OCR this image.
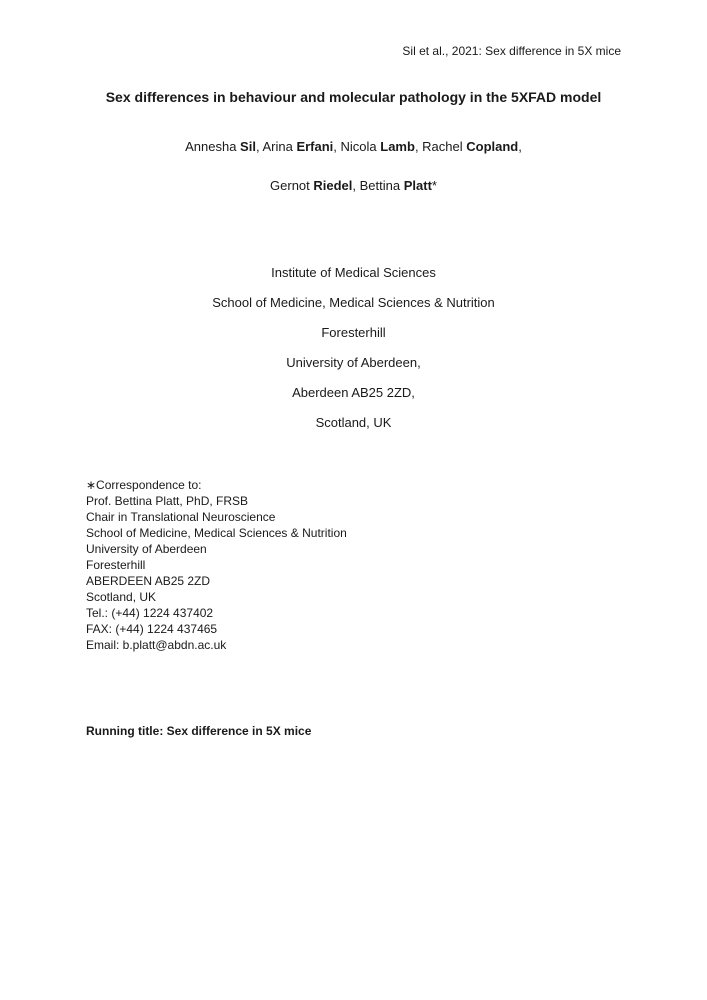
Sil et al., 2021: Sex difference in 5X mice
Sex differences in behaviour and molecular pathology in the 5XFAD model
Annesha Sil, Arina Erfani, Nicola Lamb, Rachel Copland,
Gernot Riedel, Bettina Platt*
Institute of Medical Sciences
School of Medicine, Medical Sciences & Nutrition
Foresterhill
University of Aberdeen,
Aberdeen AB25 2ZD,
Scotland, UK
∗Correspondence to:
Prof. Bettina Platt, PhD, FRSB
Chair in Translational Neuroscience
School of Medicine, Medical Sciences & Nutrition
University of Aberdeen
Foresterhill
ABERDEEN AB25 2ZD
Scotland, UK
Tel.: (+44) 1224 437402
FAX: (+44) 1224 437465
Email: b.platt@abdn.ac.uk
Running title: Sex difference in 5X mice
